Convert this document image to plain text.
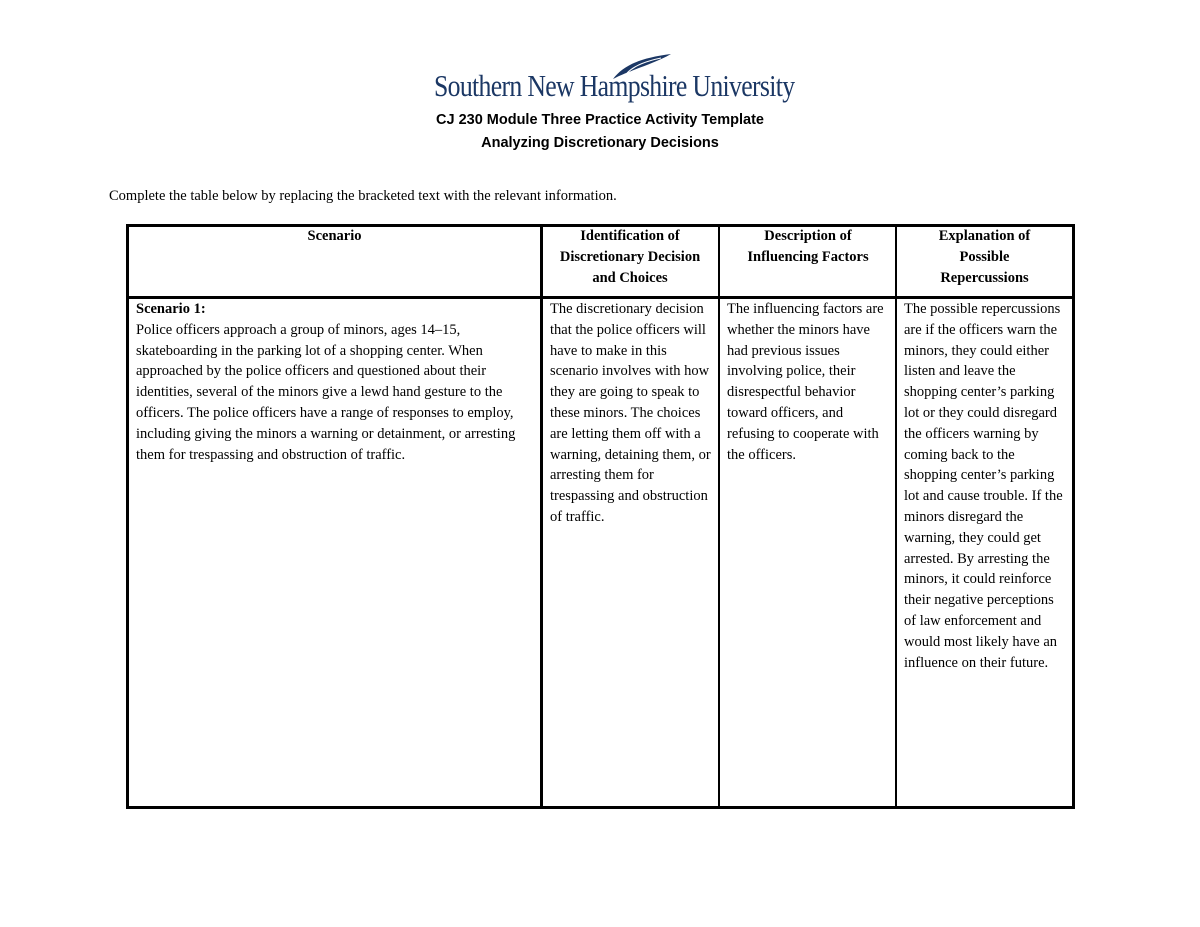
Southern New Hampshire University
CJ 230 Module Three Practice Activity Template
Analyzing Discretionary Decisions
Complete the table below by replacing the bracketed text with the relevant information.
Scenario	Identification of Discretionary Decision and Choices
Description of Influencing Factors
Explanation of Possible Repercussions
Scenario 1:

Police officers approach a group of minors, ages 14–15, skateboarding in the parking lot of a shopping center. When approached by the police officers and questioned about their identities, several of the minors give a lewd hand gesture to the officers. The police officers have a range of responses to employ, including giving the minors a warning or detainment, or arresting them for trespassing and obstruction of traffic.

The discretionary decision that the police officers will have to make in this scenario involves with how they are going to speak to these minors. The choices are letting them off with a warning, detaining them, or arresting them for trespassing and obstruction of traffic.
The influencing factors are whether the minors have had previous issues involving police, their disrespectful behavior toward officers, and refusing to cooperate with the officers.
The possible repercussions are if the officers warn the minors, they could either listen and leave the shopping center’s parking lot or they could disregard the officers warning by coming back to the shopping center’s parking lot and cause trouble. If the minors disregard the warning, they could get arrested. By arresting the minors, it could reinforce their negative perceptions of law enforcement and would most likely have an influence on their future.
